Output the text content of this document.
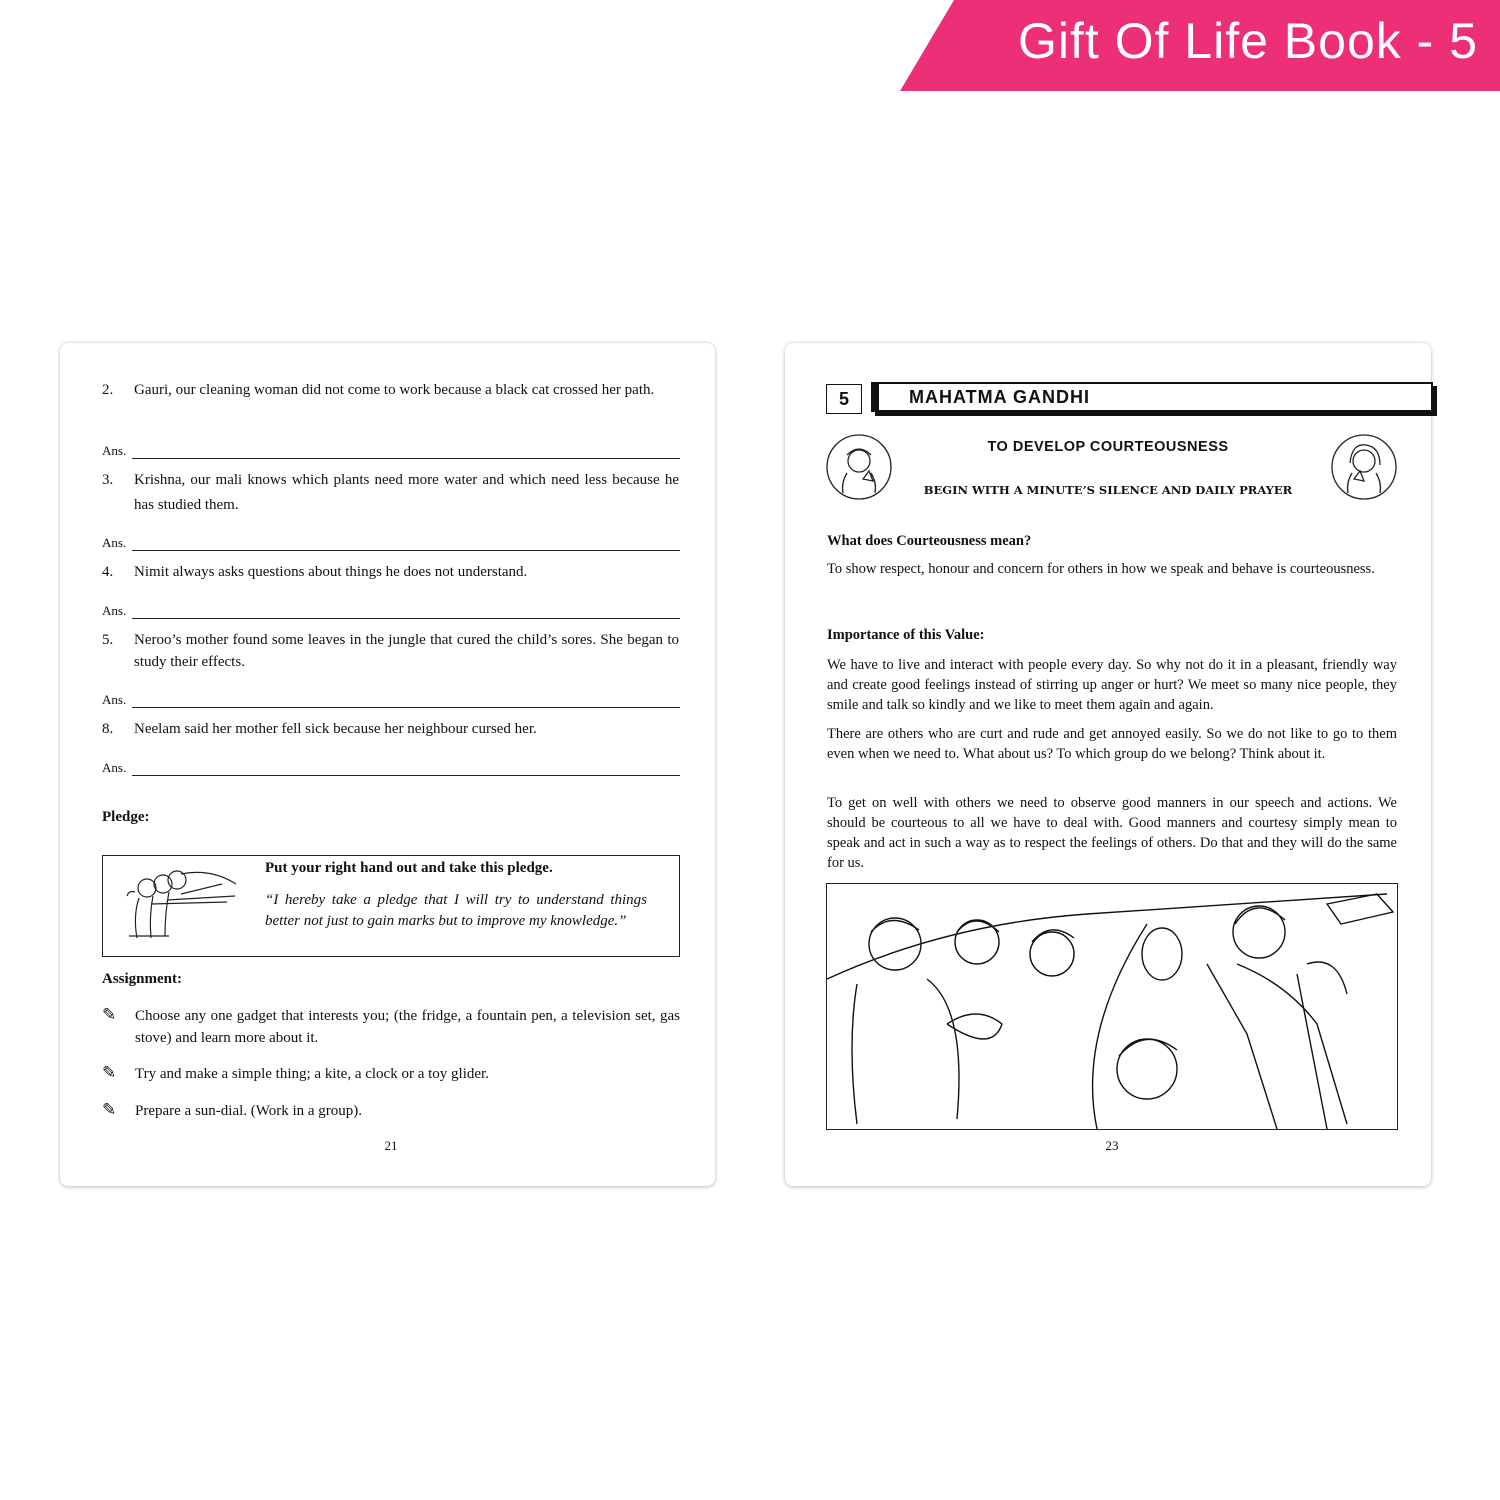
Gift Of Life Book - 5
2. Gauri, our cleaning woman did not come to work because a black cat crossed her path.
Ans.
3. Krishna, our mali knows which plants need more water and which need less because he has studied them.
Ans.
4. Nimit always asks questions about things he does not understand.
Ans.
5. Neroo’s mother found some leaves in the jungle that cured the child’s sores. She began to study their effects.
Ans.
8. Neelam said her mother fell sick because her neighbour cursed her.
Ans.
Pledge:
Put your right hand out and take this pledge.
“I hereby take a pledge that I will try to understand things better not just to gain marks but to improve my knowledge.”
Assignment:
✎ Choose any one gadget that interests you; (the fridge, a fountain pen, a television set, gas stove) and learn more about it.
✎ Try and make a simple thing; a kite, a clock or a toy glider.
✎ Prepare a sun-dial. (Work in a group).
21
5	MAHATMA GANDHI
TO DEVELOP COURTEOUSNESS
BEGIN WITH A MINUTE’S SILENCE AND DAILY PRAYER
What does Courteousness mean?
To show respect, honour and concern for others in how we speak and behave is courteousness.
Importance of this Value:
We have to live and interact with people every day. So why not do it in a pleasant, friendly way and create good feelings instead of stirring up anger or hurt? We meet so many nice people, they smile and talk so kindly and we like to meet them again and again.
There are others who are curt and rude and get annoyed easily. So we do not like to go to them even when we need to. What about us? To which group do we belong? Think about it.
To get on well with others we need to observe good manners in our speech and actions. We should be courteous to all we have to deal with. Good manners and courtesy simply mean to speak and act in such a way as to respect the feelings of others. Do that and they will do the same for us.
23
